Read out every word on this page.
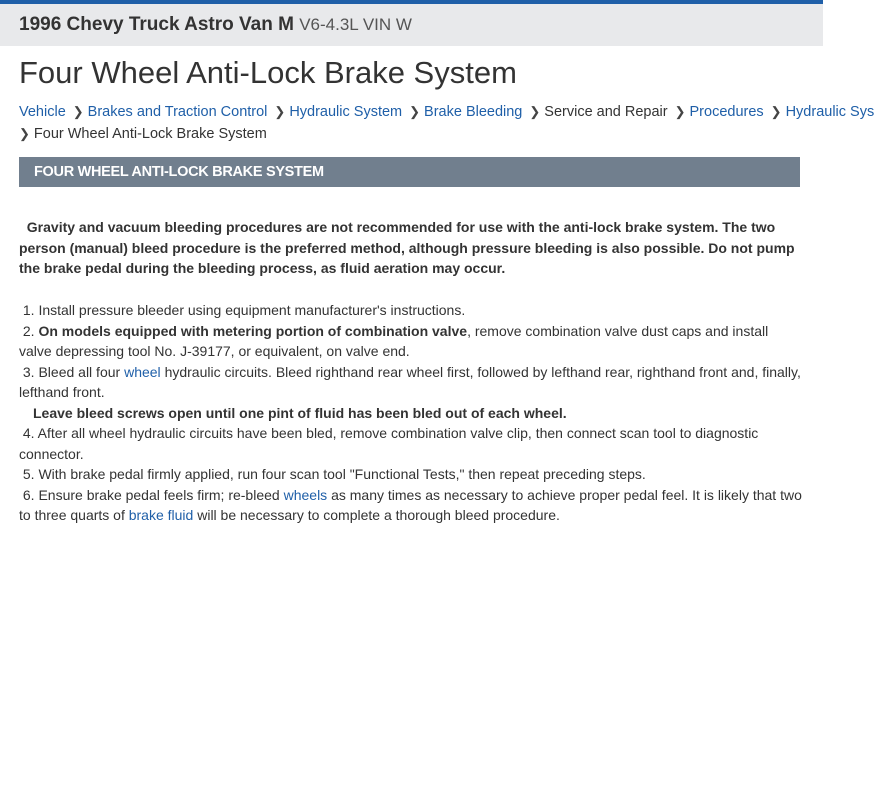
1996 Chevy Truck Astro Van M V6-4.3L VIN W
Four Wheel Anti-Lock Brake System
Vehicle ❯ Brakes and Traction Control ❯ Hydraulic System ❯ Brake Bleeding ❯ Service and Repair ❯ Procedures ❯ Hydraulic Sys
❯ Four Wheel Anti-Lock Brake System
FOUR WHEEL ANTI-LOCK BRAKE SYSTEM

Gravity and vacuum bleeding procedures are not recommended for use with the anti-lock brake system. The two person (manual) bleed procedure is the preferred method, although pressure bleeding is also possible. Do not pump the brake pedal during the bleeding process, as fluid aeration may occur.

1. Install pressure bleeder using equipment manufacturer's instructions.

2. On models equipped with metering portion of combination valve, remove combination valve dust caps and install valve depressing tool No. J-39177, or equivalent, on valve end.

3. Bleed all four wheel hydraulic circuits. Bleed righthand rear wheel first, followed by lefthand rear, righthand front and, finally, lefthand front.

Leave bleed screws open until one pint of fluid has been bled out of each wheel.

4. After all wheel hydraulic circuits have been bled, remove combination valve clip, then connect scan tool to diagnostic connector.

5. With brake pedal firmly applied, run four scan tool "Functional Tests," then repeat preceding steps.

6. Ensure brake pedal feels firm; re-bleed wheels as many times as necessary to achieve proper pedal feel. It is likely that two to three quarts of brake fluid will be necessary to complete a thorough bleed procedure.
